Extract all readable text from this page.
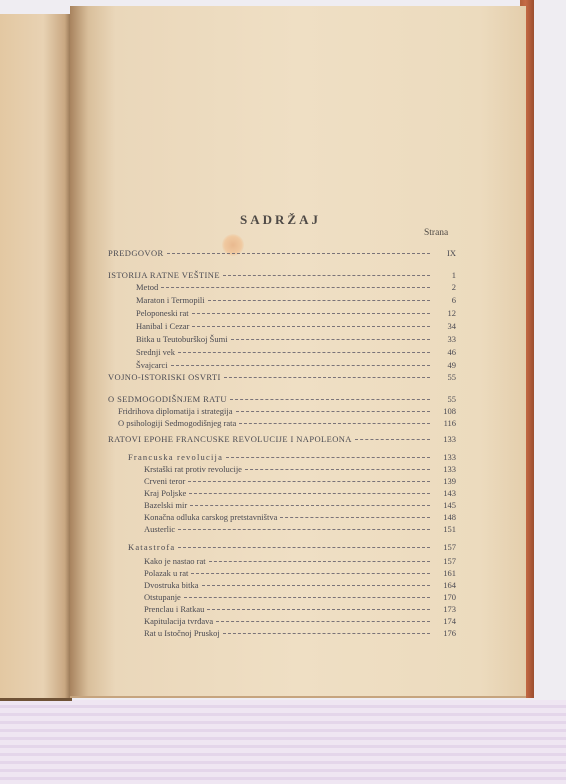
SADRŽAJ
Strana
PREDGOVOR	IX
ISTORIJA RATNE VEŠTINE	1
Metod	2
Maraton i Termopili	6
Peloponeski rat	12
Hanibal i Cezar	34
Bitka u Teutoburškoj Šumi	33
Srednji vek	46
Švajcarci	49
VOJNO-ISTORISKI OSVRTI	55
O SEDMOGODIŠNJEM RATU	55
Fridrihova diplomatija i strategija	108
O psihologiji Sedmogodišnjeg rata	116
RATOVI EPOHE FRANCUSKE REVOLUCIJE I NAPOLEONA	133
Francuska revolucija	133
Krstaški rat protiv revolucije	133
Crveni teror	139
Kraj Poljske	143
Bazelski mir	145
Konačna odluka carskog pretstavništva	148
Austerlic	151
Katastrofa	157
Kako je nastao rat	157
Polazak u rat	161
Dvostruka bitka	164
Otstupanje	170
Prenclau i Ratkau	173
Kapitulacija tvrđava	174
Rat u Istočnoj Pruskoj	176
